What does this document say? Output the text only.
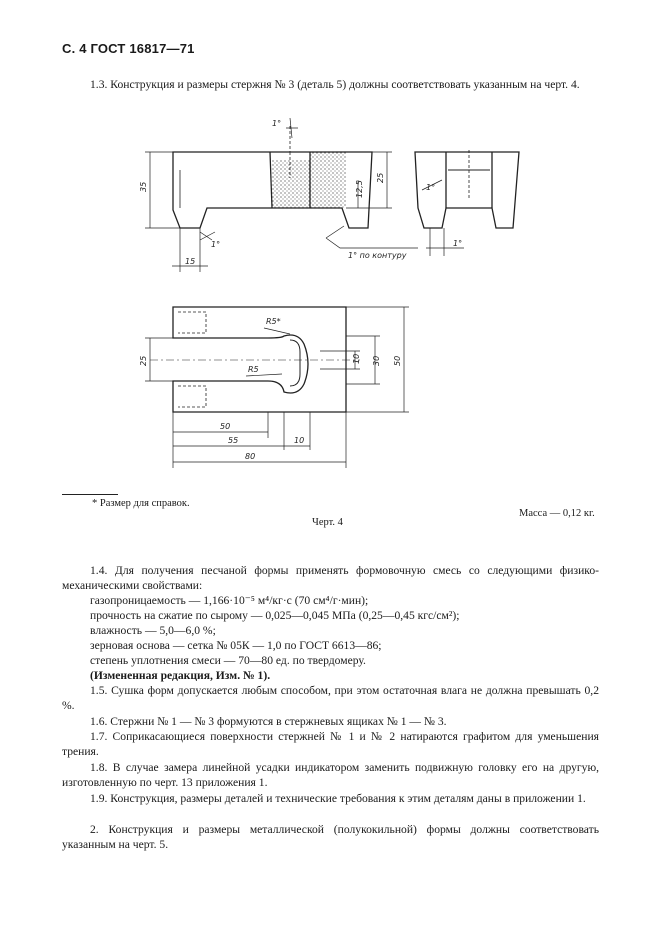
С. 4 ГОСТ 16817—71
1.3. Конструкция и размеры стержня № 3 (деталь 5) должны соответствовать указанным на черт. 4.
35
25
12,5
1°
1°
15
1° по контуру
1°
1°
R5*
R5
25	10 30 50
50
55	10
80
* Размер для справок.
Масса — 0,12 кг.
Черт. 4
1.4. Для получения песчаной формы применять формовочную смесь со следующими физико-механическими свойствами:
газопроницаемость — 1,166·10⁻⁵ м⁴/кг·с (70 см⁴/г·мин);
прочность на сжатие по сырому — 0,025—0,045 МПа (0,25—0,45 кгс/см²);
влажность — 5,0—6,0 %;
зерновая основа — сетка № 05К — 1,0 по ГОСТ 6613—86;
степень уплотнения смеси — 70—80 ед. по твердомеру.
(Измененная редакция, Изм. № 1).
1.5. Сушка форм допускается любым способом, при этом остаточная влага не должна превышать 0,2 %.
1.6. Стержни № 1 — № 3 формуются в стержневых ящиках № 1 — № 3.
1.7. Соприкасающиеся поверхности стержней № 1 и № 2 натираются графитом для уменьшения трения.
1.8. В случае замера линейной усадки индикатором заменить подвижную головку его на другую, изготовленную по черт. 13 приложения 1.
1.9. Конструкция, размеры деталей и технические требования к этим деталям даны в приложении 1.
2. Конструкция и размеры металлической (полукокильной) формы должны соответствовать указанным на черт. 5.
